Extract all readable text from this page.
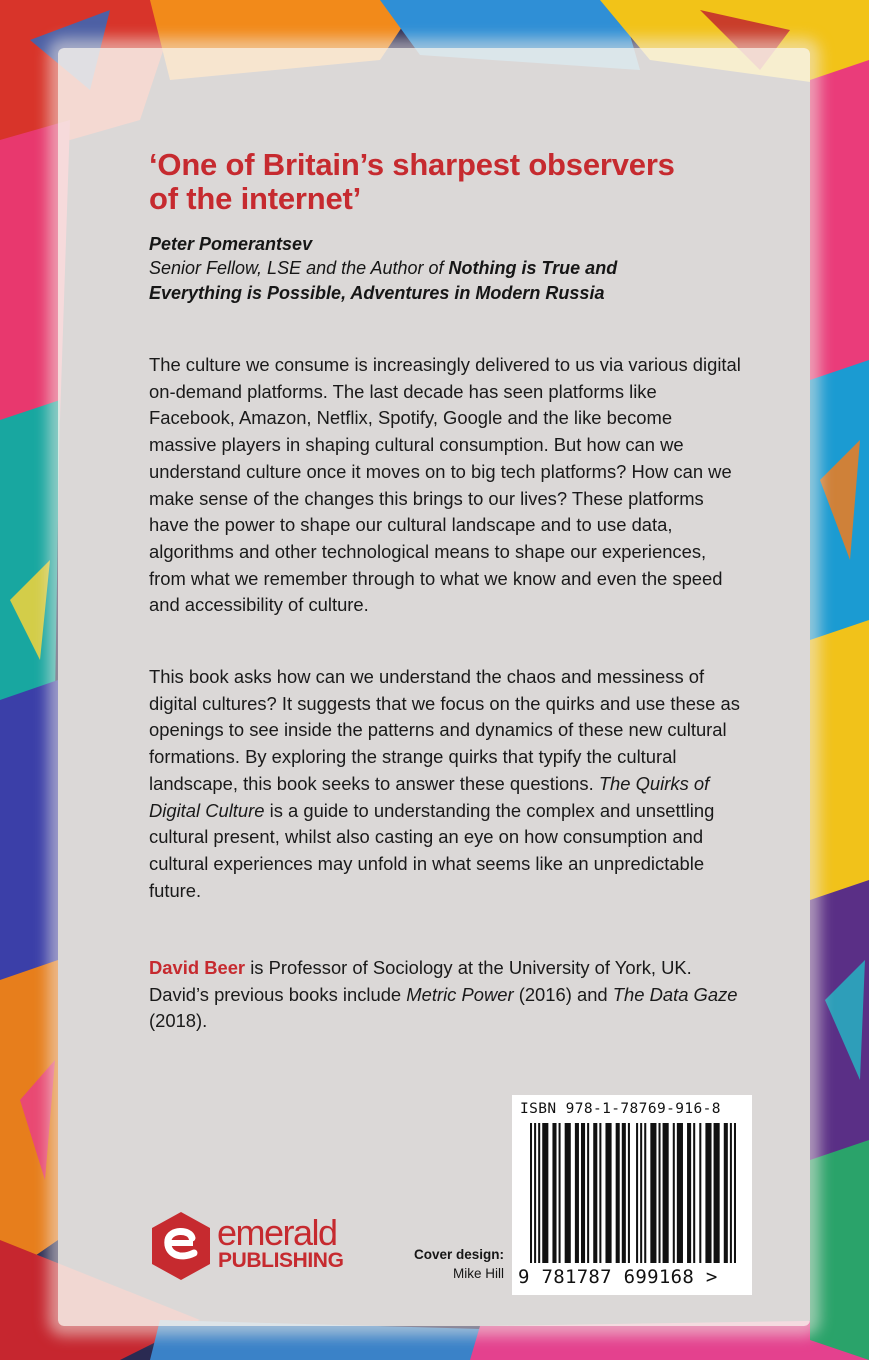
‘One of Britain’s sharpest observers
of the internet’
Peter Pomerantsev
Senior Fellow, LSE and the Author of Nothing is True and Everything is Possible, Adventures in Modern Russia

The culture we consume is increasingly delivered to us via various digital on-demand platforms. The last decade has seen platforms like Facebook, Amazon, Netflix, Spotify, Google and the like become massive players in shaping cultural consumption. But how can we understand culture once it moves on to big tech platforms? How can we make sense of the changes this brings to our lives? These platforms have the power to shape our cultural landscape and to use data, algorithms and other technological means to shape our experiences, from what we remember through to what we know and even the speed and accessibility of culture.

This book asks how can we understand the chaos and messiness of digital cultures? It suggests that we focus on the quirks and use these as openings to see inside the patterns and dynamics of these new cultural formations. By exploring the strange quirks that typify the cultural landscape, this book seeks to answer these questions. The Quirks of Digital Culture is a guide to understanding the complex and unsettling cultural present, whilst also casting an eye on how consumption and cultural experiences may unfold in what seems like an unpredictable future.

David Beer is Professor of Sociology at the University of York, UK. David’s previous books include Metric Power (2016) and The Data Gaze (2018).

ISBN 978-1-78769-916-8
9 781787 699168 >
emerald
PUBLISHING	Cover design:
Mike Hill
